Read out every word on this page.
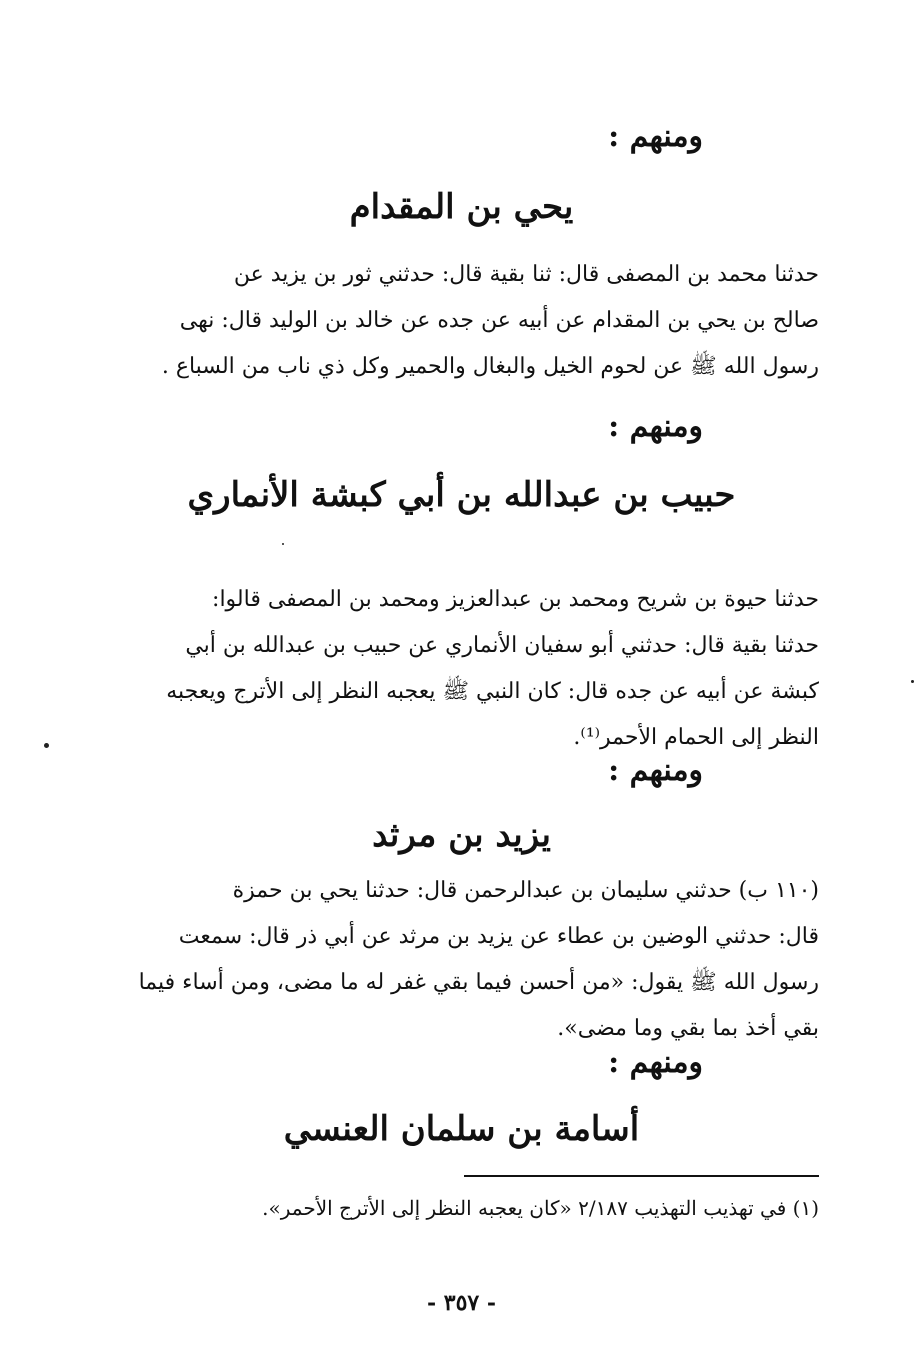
ومنهم :
يحي بن المقدام
حدثنا محمد بن المصفى قال: ثنا بقية قال: حدثني ثور بن يزيد عن
صالح بن يحي بن المقدام عن أبيه عن جده عن خالد بن الوليد قال: نهى
رسول الله ﷺ عن لحوم الخيل والبغال والحمير وكل ذي ناب من السباع .
ومنهم :
حبيب بن عبدالله بن أبي كبشة الأنماري
حدثنا حيوة بن شريح ومحمد بن عبدالعزيز ومحمد بن المصفى قالوا:
حدثنا بقية قال: حدثني أبو سفيان الأنماري عن حبيب بن عبدالله بن أبي
كبشة عن أبيه عن جده قال: كان النبي ﷺ يعجبه النظر إلى الأترج ويعجبه
النظر إلى الحمام الأحمر⁽¹⁾.
ومنهم :
يزيد بن مرثد
(١١٠ ب) حدثني سليمان بن عبدالرحمن قال: حدثنا يحي بن حمزة
قال: حدثني الوضين بن عطاء عن يزيد بن مرثد عن أبي ذر قال: سمعت
رسول الله ﷺ يقول: «من أحسن فيما بقي غفر له ما مضى، ومن أساء فيما
بقي أخذ بما بقي وما مضى».
ومنهم :
أسامة بن سلمان العنسي
(١) في تهذيب التهذيب ٢/١٨٧ «كان يعجبه النظر إلى الأترج الأحمر».
- ٣٥٧ -
